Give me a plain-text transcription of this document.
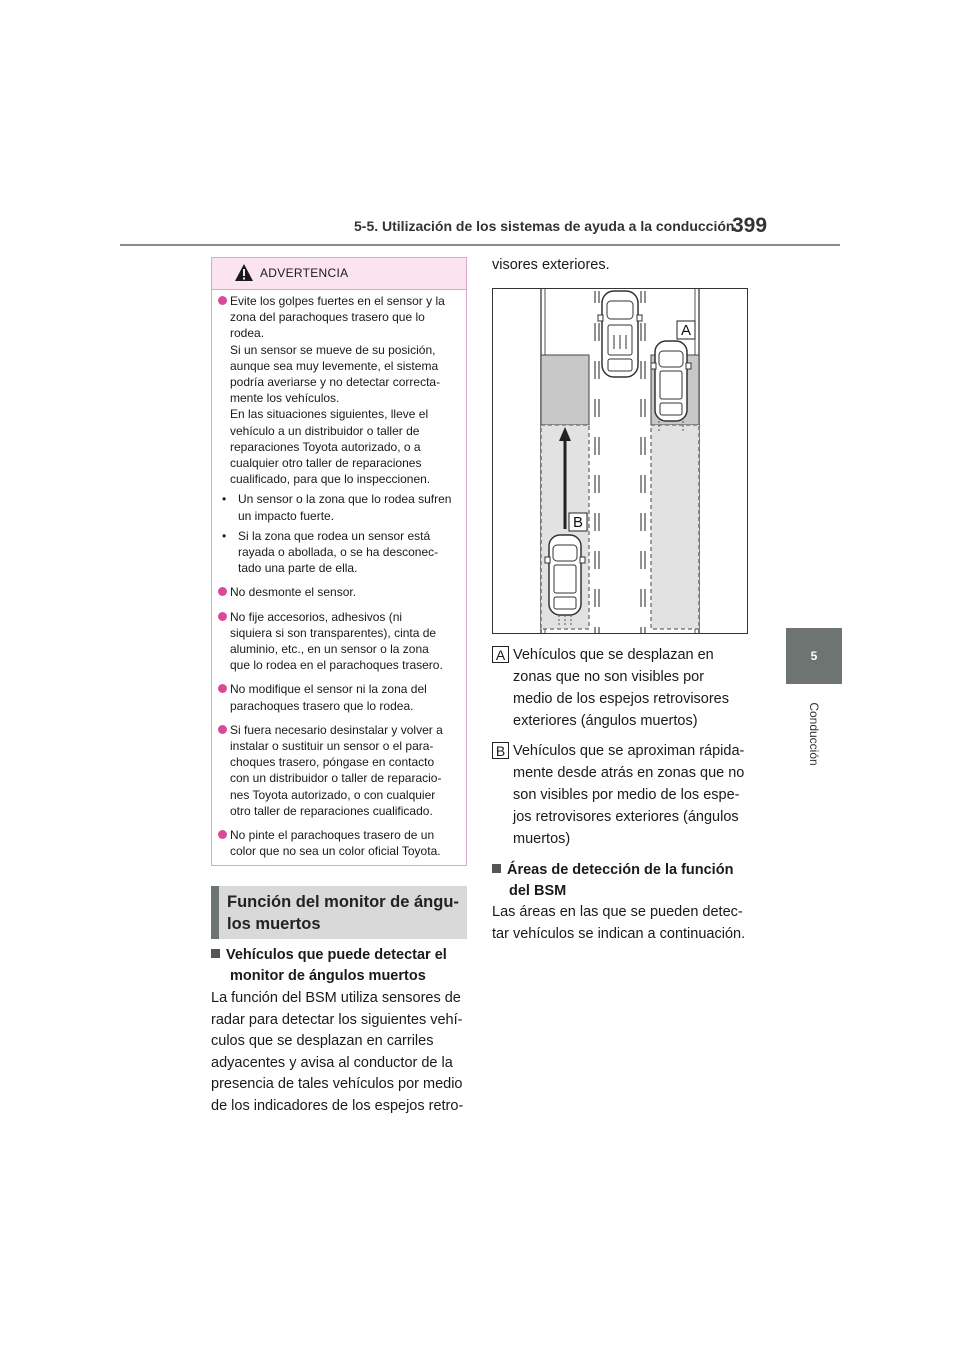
5-5. Utilización de los sistemas de ayuda a la conducción
399
5
Conducción
ADVERTENCIA

Evite los golpes fuertes en el sensor y la

zona del parachoques trasero que lo

rodea.

Si un sensor se mueve de su posición,

aunque sea muy levemente, el sistema

podría averiarse y no detectar correcta-

mente los vehículos.

En las situaciones siguientes, lleve el

vehículo a un distribuidor o taller de

reparaciones Toyota autorizado, o a

cualquier otro taller de reparaciones

cualificado, para que lo inspeccionen.

• Un sensor o la zona que lo rodea sufren
un impacto fuerte.
• Si la zona que rodea un sensor está
rayada o abollada, o se ha desconec-
tado una parte de ella.

No desmonte el sensor.

No fije accesorios, adhesivos (ni

siquiera si son transparentes), cinta de

aluminio, etc., en un sensor o la zona

que lo rodea en el parachoques trasero.

No modifique el sensor ni la zona del

parachoques trasero que lo rodea.

Si fuera necesario desinstalar y volver a

instalar o sustituir un sensor o el para-

choques trasero, póngase en contacto

con un distribuidor o taller de reparacio-

nes Toyota autorizado, o con cualquier

otro taller de reparaciones cualificado.

No pinte el parachoques trasero de un

color que no sea un color oficial Toyota.

Función del monitor de ángu-
los muertos
Vehículos que puede detectar el
monitor de ángulos muertos
La función del BSM utiliza sensores de
radar para detectar los siguientes vehí-
culos que se desplazan en carriles
adyacentes y avisa al conductor de la
presencia de tales vehículos por medio
de los indicadores de los espejos retro-
visores exteriores.
A
B
A Vehículos que se desplazan en
zonas que no son visibles por
medio de los espejos retrovisores
exteriores (ángulos muertos)
B Vehículos que se aproximan rápida-
mente desde atrás en zonas que no
son visibles por medio de los espe-
jos retrovisores exteriores (ángulos
muertos)
Áreas de detección de la función
del BSM
Las áreas en las que se pueden detec-
tar vehículos se indican a continuación.
